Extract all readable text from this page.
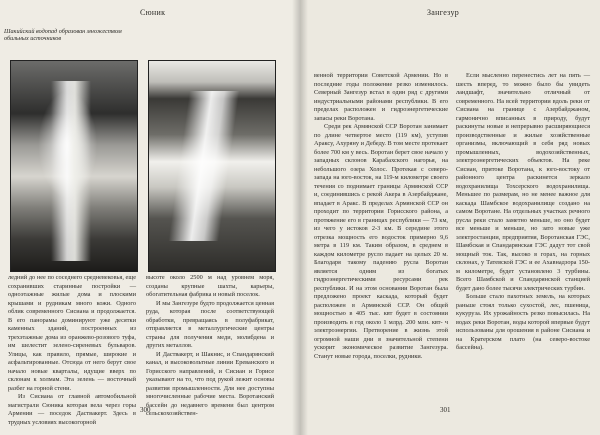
Сюник
Шакийский водопад образован множеством обильных источников

ледний до нее по соседнего средневековья, еще сохранивших старинные постройки — одноэтажные жилые дома и плоскими крышами и рудникам много кожи. Одного облик современного Сисиана и продолжается. В его панорамы доминируют уже десятки каменных зданий, построенных из трехэтажные дома из оранжево-розового туфа, им шелестит зелено-сиреневых бульваров. Улицы, как правило, прямые, широкие и асфальтированные. Отсюда от него берут свое начало новые кварталы, идущие вверх по склонам к холмам. Эта зелень — восточный разбег на горной стени.

Из Сисиана от главной автомобильной магистрали Сюника которая вела через горы Армении — поседок Даствакерт. Здесь в трудных условиях высокогорной

высоте около 2500 м над уровнем моря, созданы крупные шахты, карьеры, обогатительная фабрика и новый поселок.

И мы Зангезуре будто продолжается ценная руда, которая после соответствующей обработки, превращаясь в полуфабрикат, отправляется в металлургические центры страны для получения меди, молибдена и других металлов.

И Даствакерт, и Шакнис, и Спандарянский канал, и высоковольтные линии Ереванского и Горисского направлений, и Сисиан и Горисе указывают на то, что под рукой лежит основы развития промышленности. Для нее доступны многочисленные рабочие места. Воротанский бассейн до недавнего времени был центром сельскохозяйствен-

300
Зангезур

венной территории Советской Армении. Но в последние годы положение резко изменилось. Северный Зангезур встал в один ряд с другими индустриальными районами республики. В его пределах расположен и гидроэнергетические запасы реки Воротана.

Среди рек Армянской ССР Воротан занимает по длине четвертое место (119 км), уступив Араксу, Ахуряну и Дебеду. В том месте протекает более 700 км у весь. Воротан берет свое начало у западных склонов Карабахского нагорья, на небольшого озера Холос. Протекая с северо-запада на юго-восток, на 119-м километре своего течения со поднимает границы Армянской ССР и, соединившись с рекой Акера в Азербайджане, впадает в Аракс. В пределах Армянской ССР он проходит по территории Горисского района, а протяжение его в границах республики — 73 км, из чего у истоков 2-3 км. В середине этого отрезка мощность его водосток примерно 9,6 метра в 119 км. Таким образом, в среднем в каждом километре русло падает на целых 20 м. Благодаря такому падению русла Воротан является одним из богатых гидроэнергетическими ресурсами рек республики. И на этом основании Воротан была предложено проект каскада, который будет расположен в Армянской ССР. Он общей мощностью в 405 тыс. квт будет в состоянии производить в год около 1 млрд. 200 млн. квт- ч электроэнергии. Претворение в жизнь этой огромной наши дни в значительной степени ускорит экономическое развитие Зангезура. Станут новые города, поселки, рудники.

Если мысленно перенестись лет на пять — шесть вперед, то можно было бы увидеть ландшафт, значительно отличный от современного. На всей территории вдоль реки от Сисиана на границе с Азербайджаном, гармонично вписанных в природу, будут раскинуты новые и непрерывно расширяющиеся производственные и жилые хозяйственные организмы, включающий в себя ряд новых промышленных, водохозяйственных, электроэнергетических объектов. На реке Сисиан, притоке Воротана, к юго-востоку от районного центра раскинется зеркало водохранилища Тохсерского водохранилища. Меньшее по размерам, но не менее важное для каскада Шамбское водохранилище создано на самом Воротане. На отдельных участках речного русла реки стало заметно меньше, но оно будет все меньше и меньше, но зато новые уже электростанции, предприятия, Воротанская ГЭС, Шамбская и Спандарянская ГЭС дадут тот свой мощный ток. Так, высоко в горах, на горных склонах, у Татевской ГЭС и ее Ахавнадзора 150-м километре, будет установлено 3 турбины. Всего Шамбской и Спандарянской станцией будет дано более тысячи электрических турбин.

Больше стало пахотных земель, на которых раньше стоял только сухостой, лес, пшеница, кукуруза. Их урожайность резко повысилась. На водах реки Воротан, воды которой впервые будут использованы для орошения в районе Сисиана и на Кратерском плато (на северо-востоке бассейна).

301
